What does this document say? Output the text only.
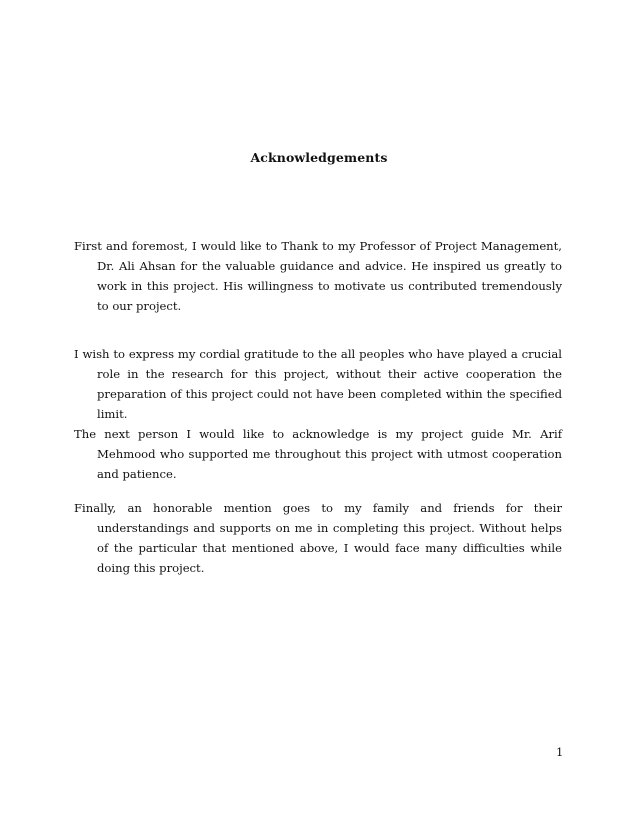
Acknowledgements

First and foremost, I would like to Thank to my Professor of Project Management, Dr. Ali Ahsan for the valuable guidance and advice. He inspired us greatly to work in this project. His willingness to motivate us contributed tremendously to our project.

I wish to express my cordial gratitude to the all peoples who have played a crucial role in the research for this project, without their active cooperation the preparation of this project could not have been completed within the specified limit.

The next person I would like to acknowledge is my project guide Mr. Arif Mehmood who supported me throughout this project with utmost cooperation and patience.

Finally, an honorable mention goes to my family and friends for their understandings and supports on me in completing this project. Without helps of the particular that mentioned above, I would face many difficulties while doing this project.

1
